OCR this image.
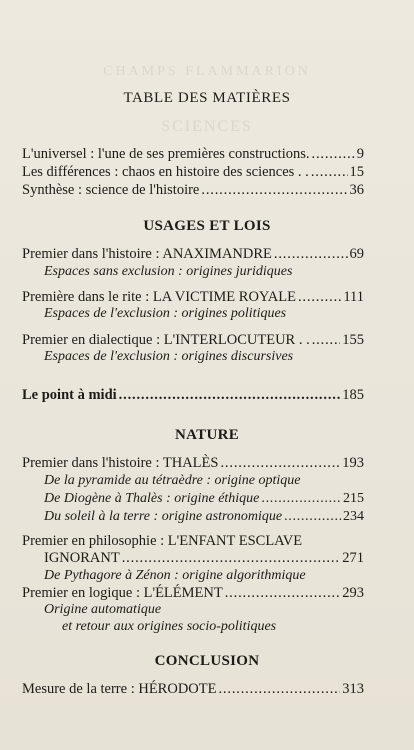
CHAMPS FLAMMARION
SCIENCES
TABLE DES MATIÈRES
L'universel : l'une de ses premières constructions. . . .	9
Les différences : chaos en histoire des sciences . . . . .	15
Synthèse : science de l'histoire . . .	36
USAGES ET LOIS
Premier dans l'histoire : ANAXIMANDRE . . .	69
Espaces sans exclusion : origines juridiques
Première dans le rite : LA VICTIME ROYALE . . .	111
Espaces de l'exclusion : origines politiques
Premier en dialectique : L'INTERLOCUTEUR . . . . . 155
Espaces de l'exclusion : origines discursives
Le point à midi . . .	185
NATURE
Premier dans l'histoire : THALÈS . . .	193
De la pyramide au tétraèdre : origine optique
De Diogène à Thalès : origine éthique . . .	215
Du soleil à la terre : origine astronomique . . .	234
Premier en philosophie : L'ENFANT ESCLAVE
IGNORANT . . .	271
De Pythagore à Zénon : origine algorithmique
Premier en logique : L'ÉLÉMENT . . .	293
Origine automatique
et retour aux origines socio-politiques
CONCLUSION
Mesure de la terre : HÉRODOTE . . .	313
